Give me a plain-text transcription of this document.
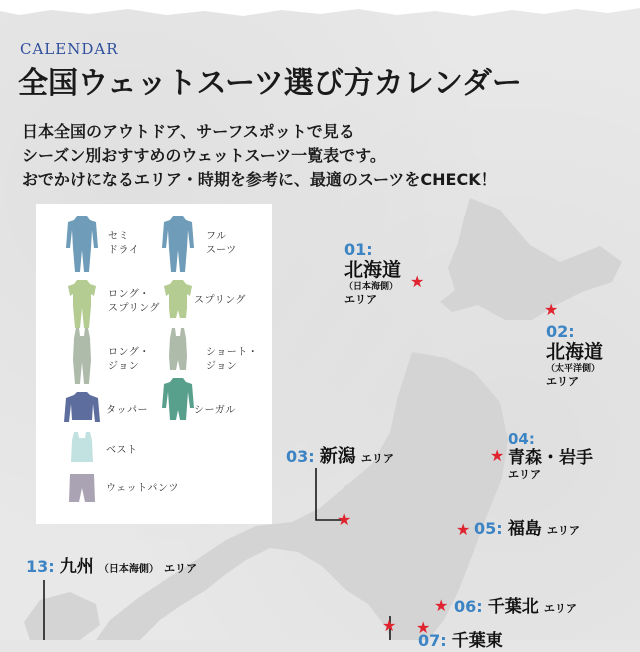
CALENDAR
全国ウェットスーツ選び方カレンダー
日本全国のアウトドア、サーフスポットで見る
シーズン別おすすめのウェットスーツ一覧表です。
おでかけになるエリア・時期を参考に、最適のスーツをCHECK！
セミ
ドライ
フル
スーツ
ロング・
スプリング
スプリング
ロング・
ジョン
ショート・
ジョン
タッパー	シーガル
ベスト
ウェットパンツ
01:
北海道
（日本海側）
エリア
★
★
02:
北海道
（太平洋側）
エリア
03: 新潟 エリア
★
★
04:
青森・岩手
エリア
★ 05: 福島 エリア
★ 06: 千葉北 エリア
★ ★
07: 千葉東
13: 九州 （日本海側） エリア
